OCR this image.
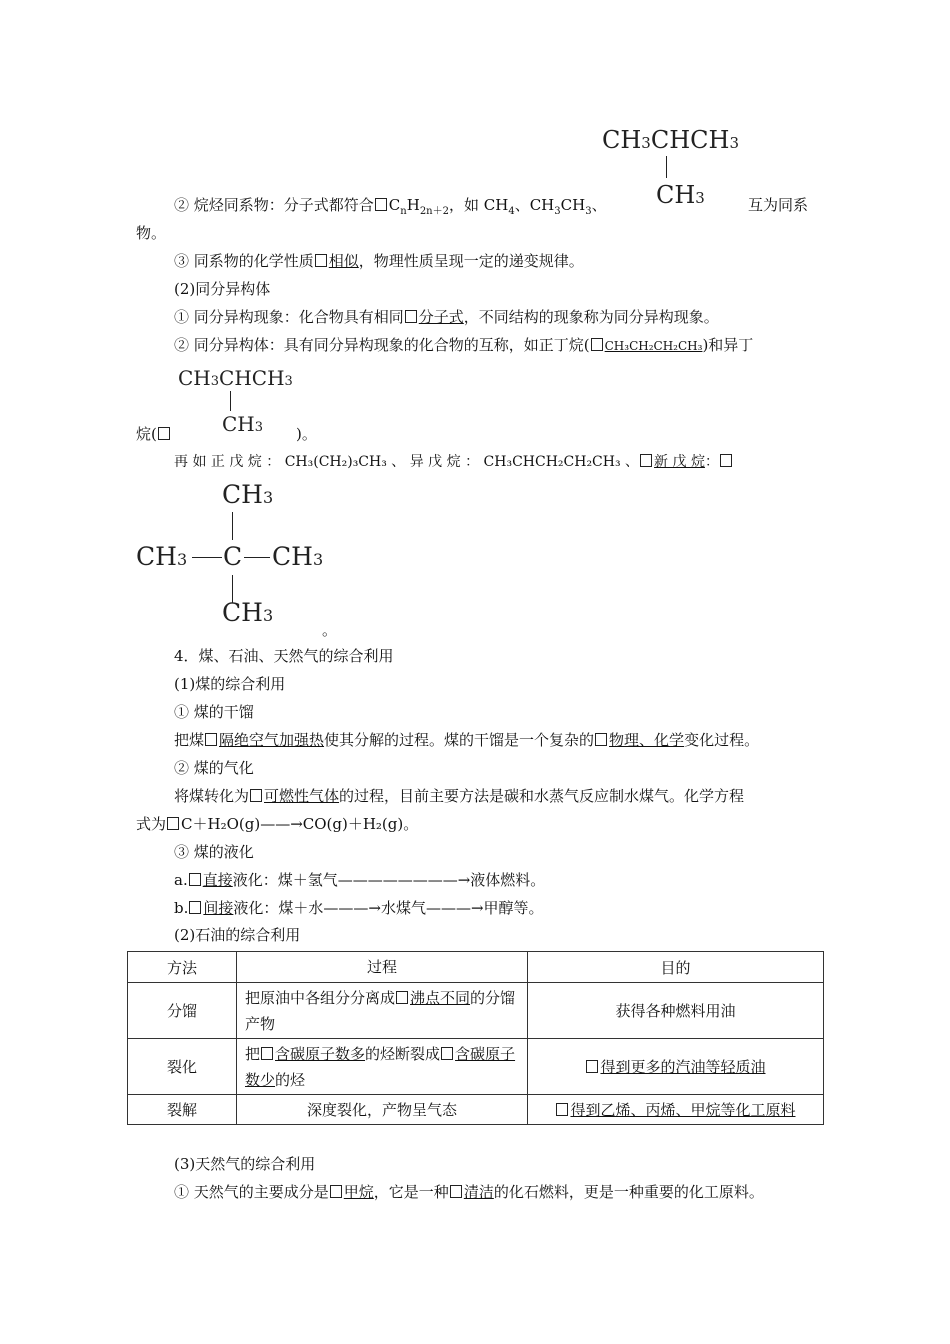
CH3CHCH3
CH3
② 烷烃同系物：分子式都符合 $C_nH_{2n+2}$，如 $CH_4$、$CH_3CH_3$、	互为同系
物。
③ 同系物的化学性质 相似，物理性质呈现一定的递变规律。
(2)同分异构体
① 同分异构现象：化合物具有相同 分子式，不同结构的现象称为同分异构现象。
② 同分异构体：具有同分异构现象的化合物的互称，如正丁烷( CH₃CH₂CH₂CH₃)和异丁
CH3CHCH3
CH3
烷(	)。
再 如 正 戊 烷 ： CH₃(CH₂)₃CH₃ 、 异 戊 烷 ： CH₃CHCH₂CH₂CH₃ 、 新 戊 烷：
CH3
CH3 C CH3
CH3
。
4．煤、石油、天然气的综合利用
(1)煤的综合利用
① 煤的干馏
把煤 隔绝空气加强热使其分解的过程。煤的干馏是一个复杂的 物理、化学变化过程。
② 煤的气化
将煤转化为 可燃性气体的过程，目前主要方法是碳和水蒸气反应制水煤气。化学方程
式为 C＋H₂O(g)——→CO(g)＋H₂(g)。
③ 煤的液化
a. 直接液化：煤＋氢气————————→液体燃料。
b. 间接液化：煤＋水———→水煤气———→甲醇等。
(2)石油的综合利用
方法	过程	目的
分馏	把原油中各组分分离成 沸点不同的分馏产物	获得各种燃料用油
裂化	把 含碳原子数多的烃断裂成 含碳原子数少的烃	得到更多的汽油等轻质油
裂解	深度裂化，产物呈气态	得到乙烯、丙烯、甲烷等化工原料
(3)天然气的综合利用
① 天然气的主要成分是 甲烷，它是一种 清洁的化石燃料，更是一种重要的化工原料。
